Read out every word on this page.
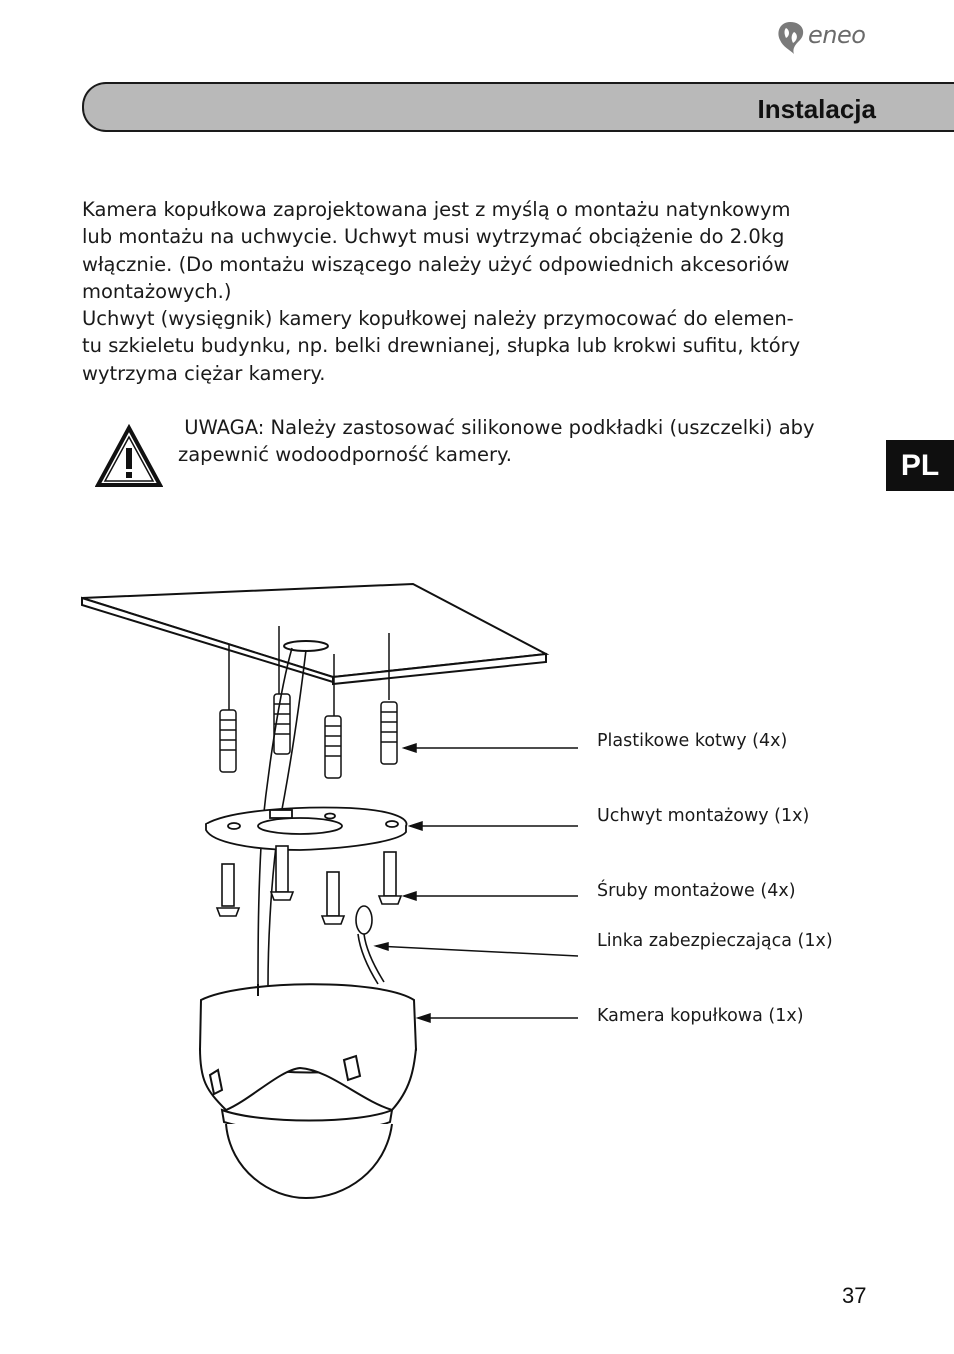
eneo
Instalacja

Kamera kopułkowa zaprojektowana jest z myślą o montażu natynkowym
lub montażu na uchwycie. Uchwyt musi wytrzymać obciążenie do 2.0kg
włącznie. (Do montażu wiszącego należy użyć odpowiednich akcesoriów
montażowych.)
Uchwyt (wysięgnik) kamery kopułkowej należy przymocować do elemen-
tu szkieletu budynku, np. belki drewnianej, słupka lub krokwi sufitu, który
wytrzyma ciężar kamery.

UWAGA: Należy zastosować silikonowe podkładki (uszczelki) aby
zapewnić wodoodporność kamery.	PL
Plastikowe kotwy (4x)
Uchwyt montażowy (1x)
Śruby montażowe (4x)
Linka zabezpieczająca (1x)
Kamera kopułkowa (1x)
37
